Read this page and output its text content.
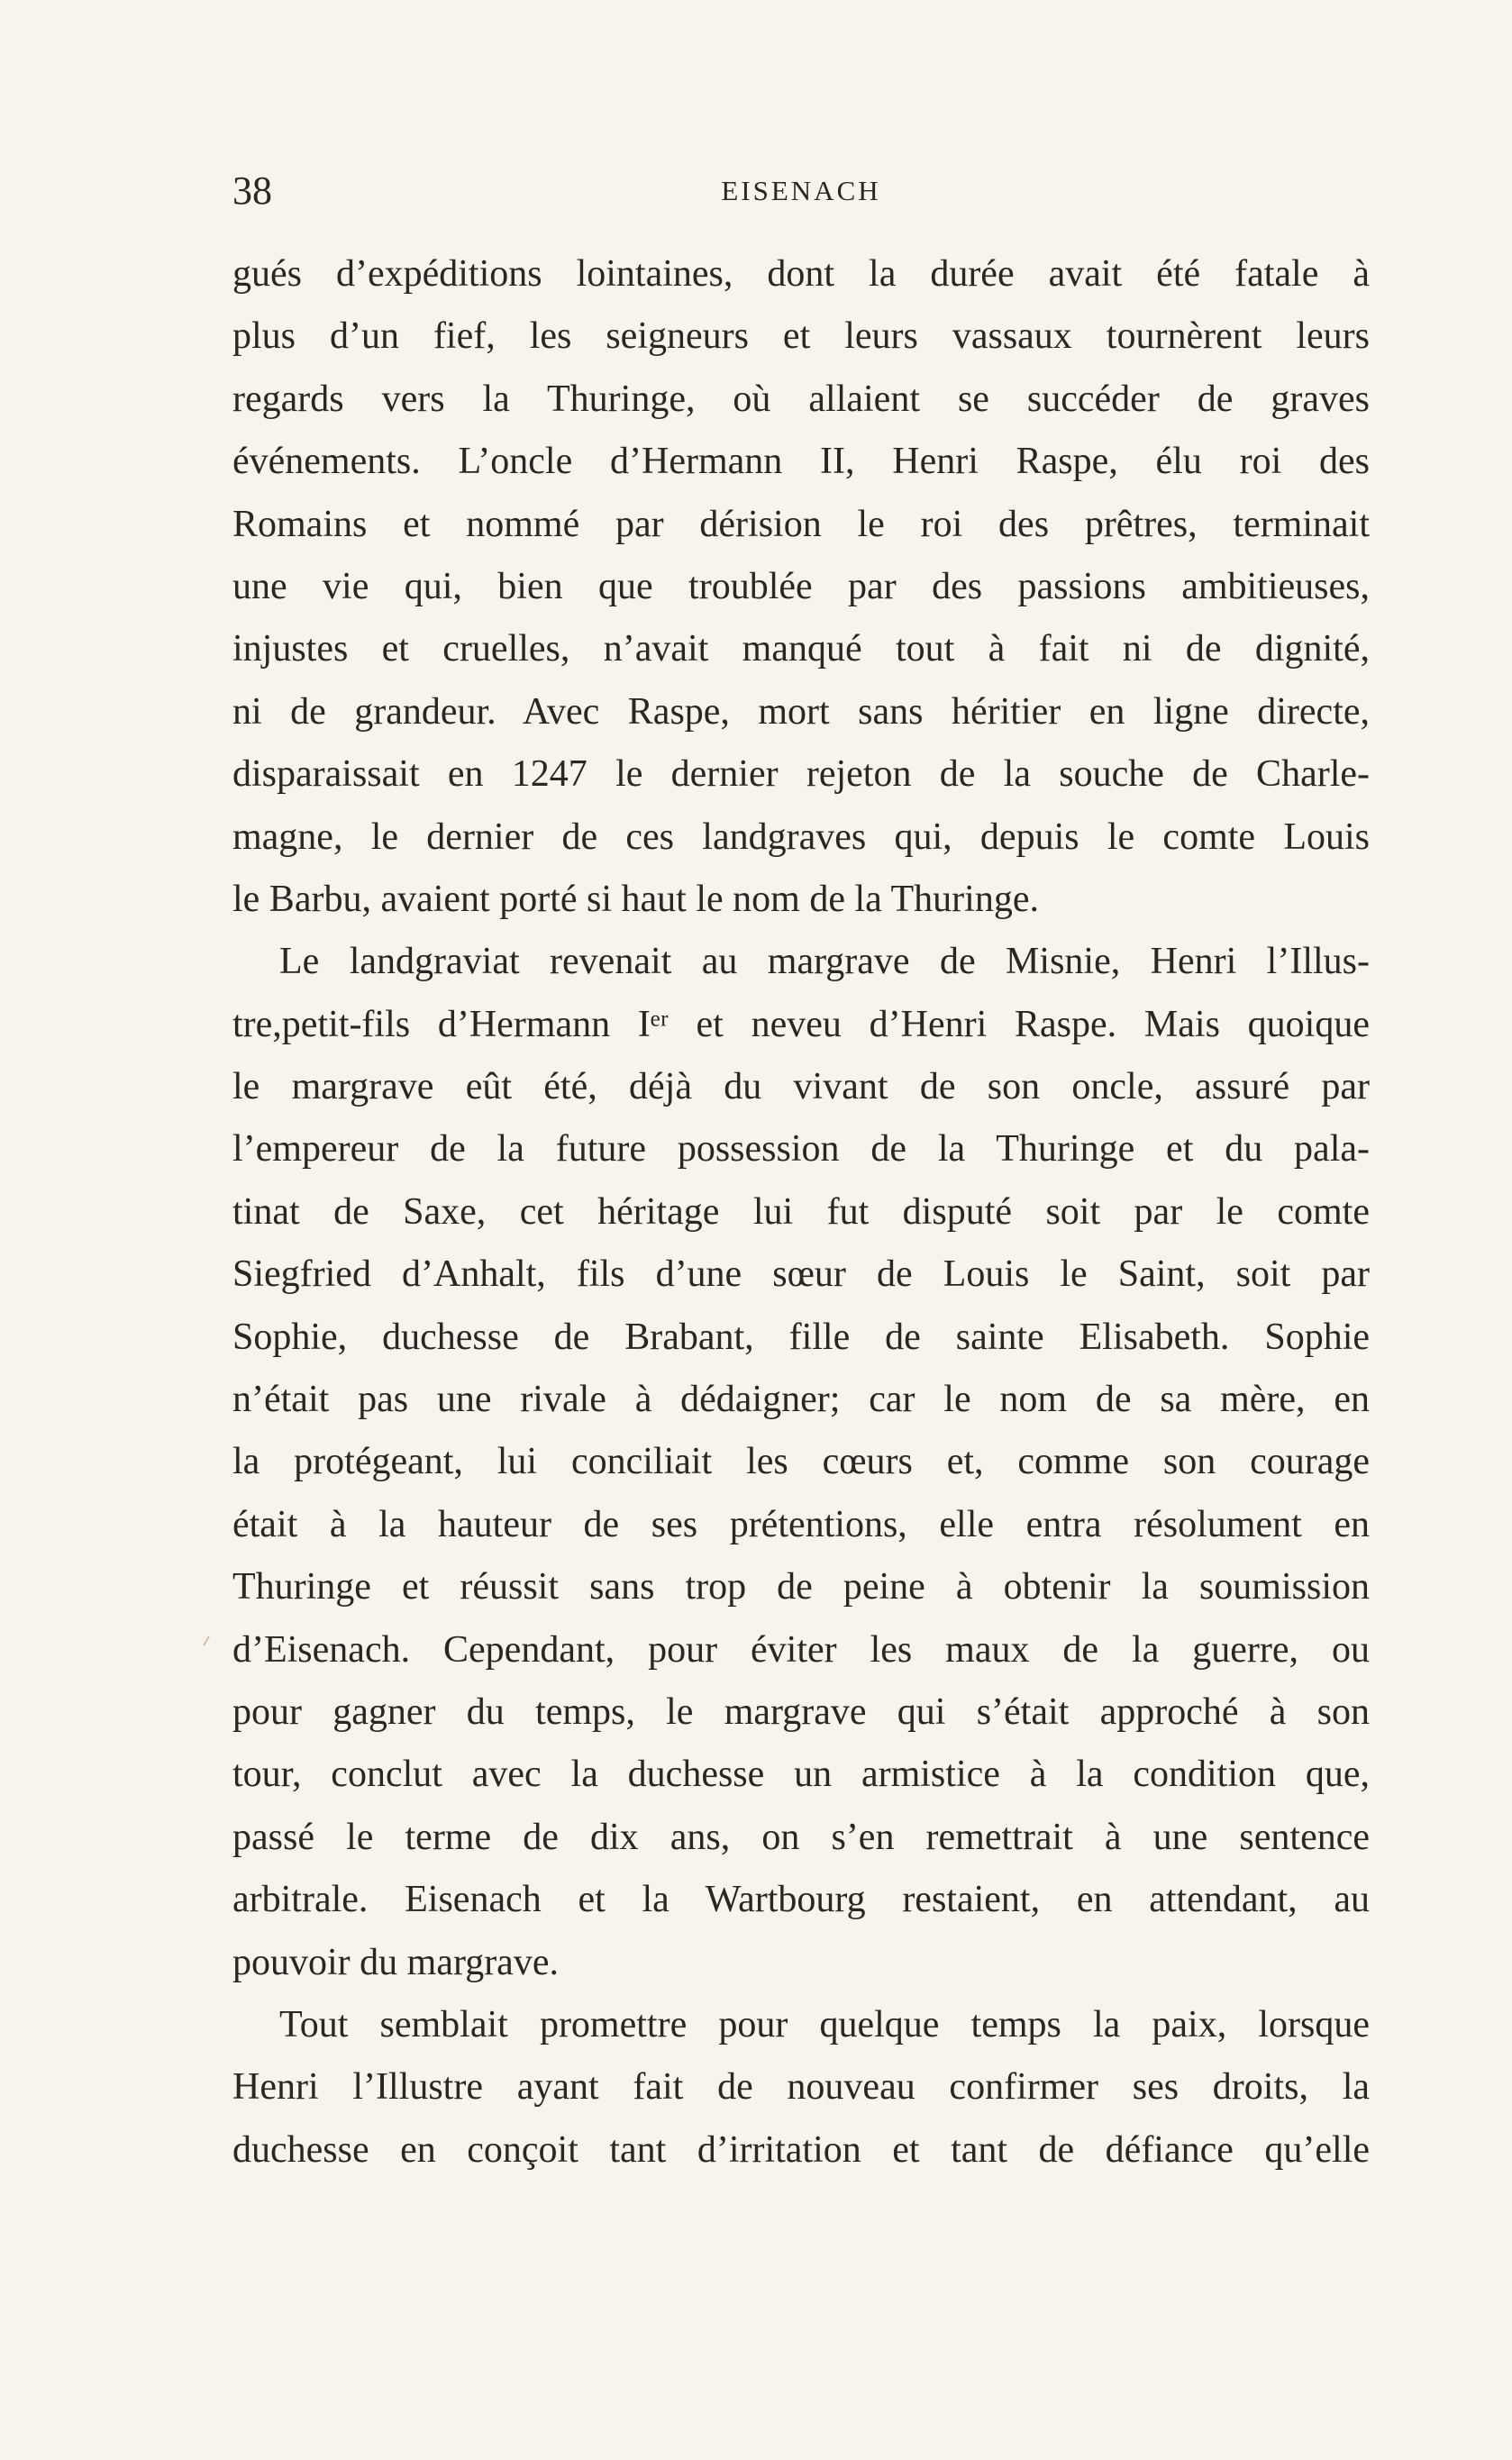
38	EISENACH
gués d’expéditions lointaines, dont la durée avait été fatale à
plus d’un fief, les seigneurs et leurs vassaux tournèrent leurs
regards vers la Thuringe, où allaient se succéder de graves
événements. L’oncle d’Hermann II, Henri Raspe, élu roi des
Romains et nommé par dérision le roi des prêtres, terminait
une vie qui, bien que troublée par des passions ambitieuses,
injustes et cruelles, n’avait manqué tout à fait ni de dignité,
ni de grandeur. Avec Raspe, mort sans héritier en ligne directe,
disparaissait en 1247 le dernier rejeton de la souche de Charle-
magne, le dernier de ces landgraves qui, depuis le comte Louis
le Barbu, avaient porté si haut le nom de la Thuringe.
Le landgraviat revenait au margrave de Misnie, Henri l’Illus-
tre,petit-fils d’Hermann Iᵉʳ et neveu d’Henri Raspe. Mais quoique
le margrave eût été, déjà du vivant de son oncle, assuré par
l’empereur de la future possession de la Thuringe et du pala-
tinat de Saxe, cet héritage lui fut disputé soit par le comte
Siegfried d’Anhalt, fils d’une sœur de Louis le Saint, soit par
Sophie, duchesse de Brabant, fille de sainte Elisabeth. Sophie
n’était pas une rivale à dédaigner; car le nom de sa mère, en
la protégeant, lui conciliait les cœurs et, comme son courage
était à la hauteur de ses prétentions, elle entra résolument en
Thuringe et réussit sans trop de peine à obtenir la soumission
d’Eisenach. Cependant, pour éviter les maux de la guerre, ou
pour gagner du temps, le margrave qui s’était approché à son
tour, conclut avec la duchesse un armistice à la condition que,
passé le terme de dix ans, on s’en remettrait à une sentence
arbitrale. Eisenach et la Wartbourg restaient, en attendant, au
pouvoir du margrave.
Tout semblait promettre pour quelque temps la paix, lorsque
Henri l’Illustre ayant fait de nouveau confirmer ses droits, la
duchesse en conçoit tant d’irritation et tant de défiance qu’elle
